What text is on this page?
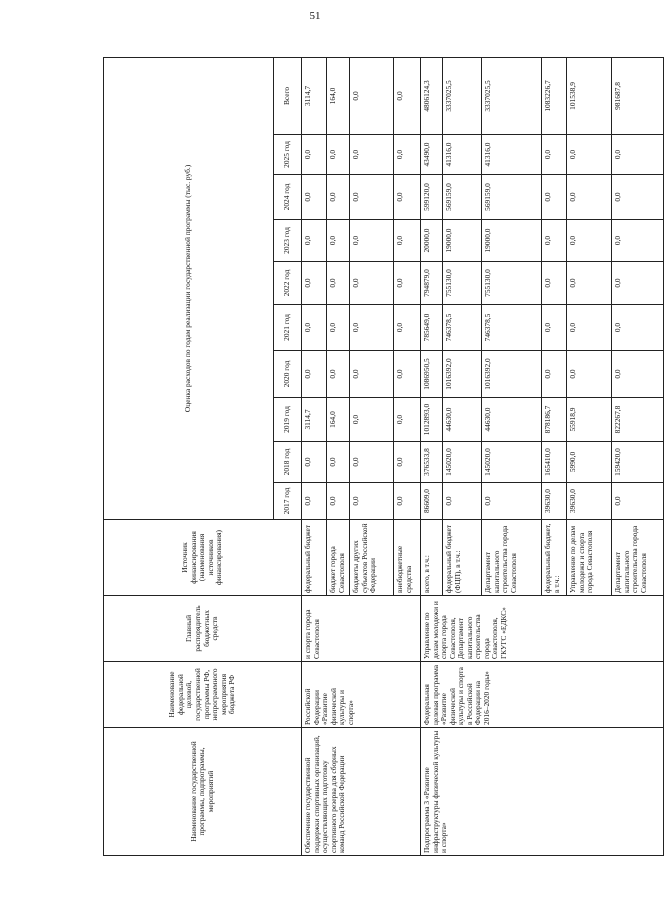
51
Наименование государственной программы, подпрограммы, мероприятий	Наименование федеральной целевой, государственной программы РФ, непрограммного мероприятия бюджета РФ	Главный распорядитель бюджетных средств	Источник финансирования (наименования источников финансирования)	Оценка расходов по годам реализации государственной программы (тыс. руб.)									
				2017 год	2018 год	2019 год	2020 год	2021 год	2022 год	2023 год	2024 год	2025 год	Всего
Обеспечение государственной поддержки спортивных организаций, осуществляющих подготовку спортивного резерва для сборных команд Российской Федерации	Российской Федерации «Развитие физической культуры и спорта»	и спорта города Севастополя	федеральный бюджет	0,0	0,0	3114,7	0,0	0,0	0,0	0,0	0,0	0,0	3114,7
			бюджет города Севастополя	0,0	0,0	164,0	0,0	0,0	0,0	0,0	0,0	0,0	164,0
			бюджеты других субъектов Российской Федерации	0,0	0,0	0,0	0,0	0,0	0,0	0,0	0,0	0,0	0,0
			внебюджетные средства	0,0	0,0	0,0	0,0	0,0	0,0	0,0	0,0	0,0	0,0
Подпрограмма 3 «Развитие инфраструктуры физической культуры и спорта»	Федеральная целевая программа «Развитие физической культуры и спорта в Российской Федерации на 2016–2020 годы»	Управление по делам молодежи и спорта города Севастополя, Департамент капитального строительства города Севастополя, ГКУГС «ЕДКС»	всего, в т.ч.:	86609,0	376533,8	1012893,0	1086950,5	785649,0	794879,0	20000,0	599120,0	43490,0	4806124,3
			федеральный бюджет (ФЦП), в т.ч.:	0,0	145020,0	44630,0	1016392,0	746378,5	755130,0	19000,0	569159,0	41316,0	3337025,5
			Департамент капитального строительства города Севастополя	0,0	145020,0	44630,0	1016392,0	746378,5	755130,0	19000,0	569159,0	41316,0	3337025,5
			федеральный бюджет, в т.ч.:	39630,0	165410,0	878186,7	0,0	0,0	0,0	0,0	0,0	0,0	1083226,7
			Управление по делам молодежи и спорта города Севастополя	39630,0	5990,0	55918,9	0,0	0,0	0,0	0,0	0,0	0,0	101538,9
			Департамент капитального строительства города Севастополя	0,0	159420,0	822267,8	0,0	0,0	0,0	0,0	0,0	0,0	981687,8
